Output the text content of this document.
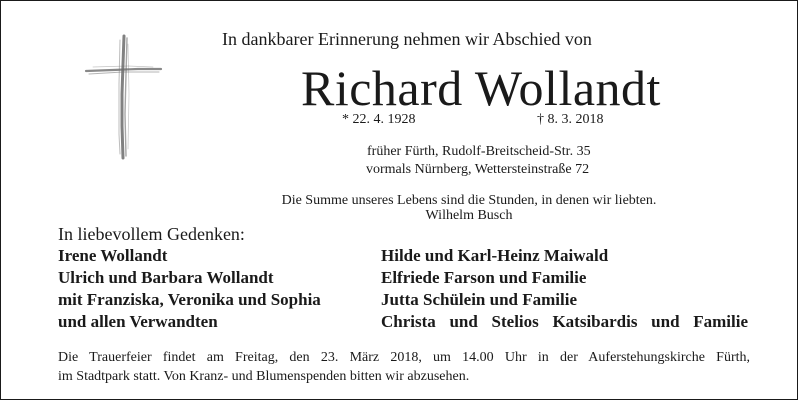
In dankbarer Erinnerung nehmen wir Abschied von
Richard Wollandt
* 22. 4. 1928	† 8. 3. 2018
früher Fürth, Rudolf-Breitscheid-Str. 35
vormals Nürnberg, Wettersteinstraße 72
Die Summe unseres Lebens sind die Stunden, in denen wir liebten.
Wilhelm Busch
In liebevollem Gedenken:
Irene Wollandt
Ulrich und Barbara Wollandt
mit Franziska, Veronika und Sophia
und allen Verwandten
Hilde und Karl-Heinz Maiwald
Elfriede Farson und Familie
Jutta Schülein und Familie
Christa und Stelios Katsibardis und Familie
Die Trauerfeier findet am Freitag, den 23. März 2018, um 14.00 Uhr in der Auferstehungskirche Fürth,
im Stadtpark statt. Von Kranz- und Blumenspenden bitten wir abzusehen.
